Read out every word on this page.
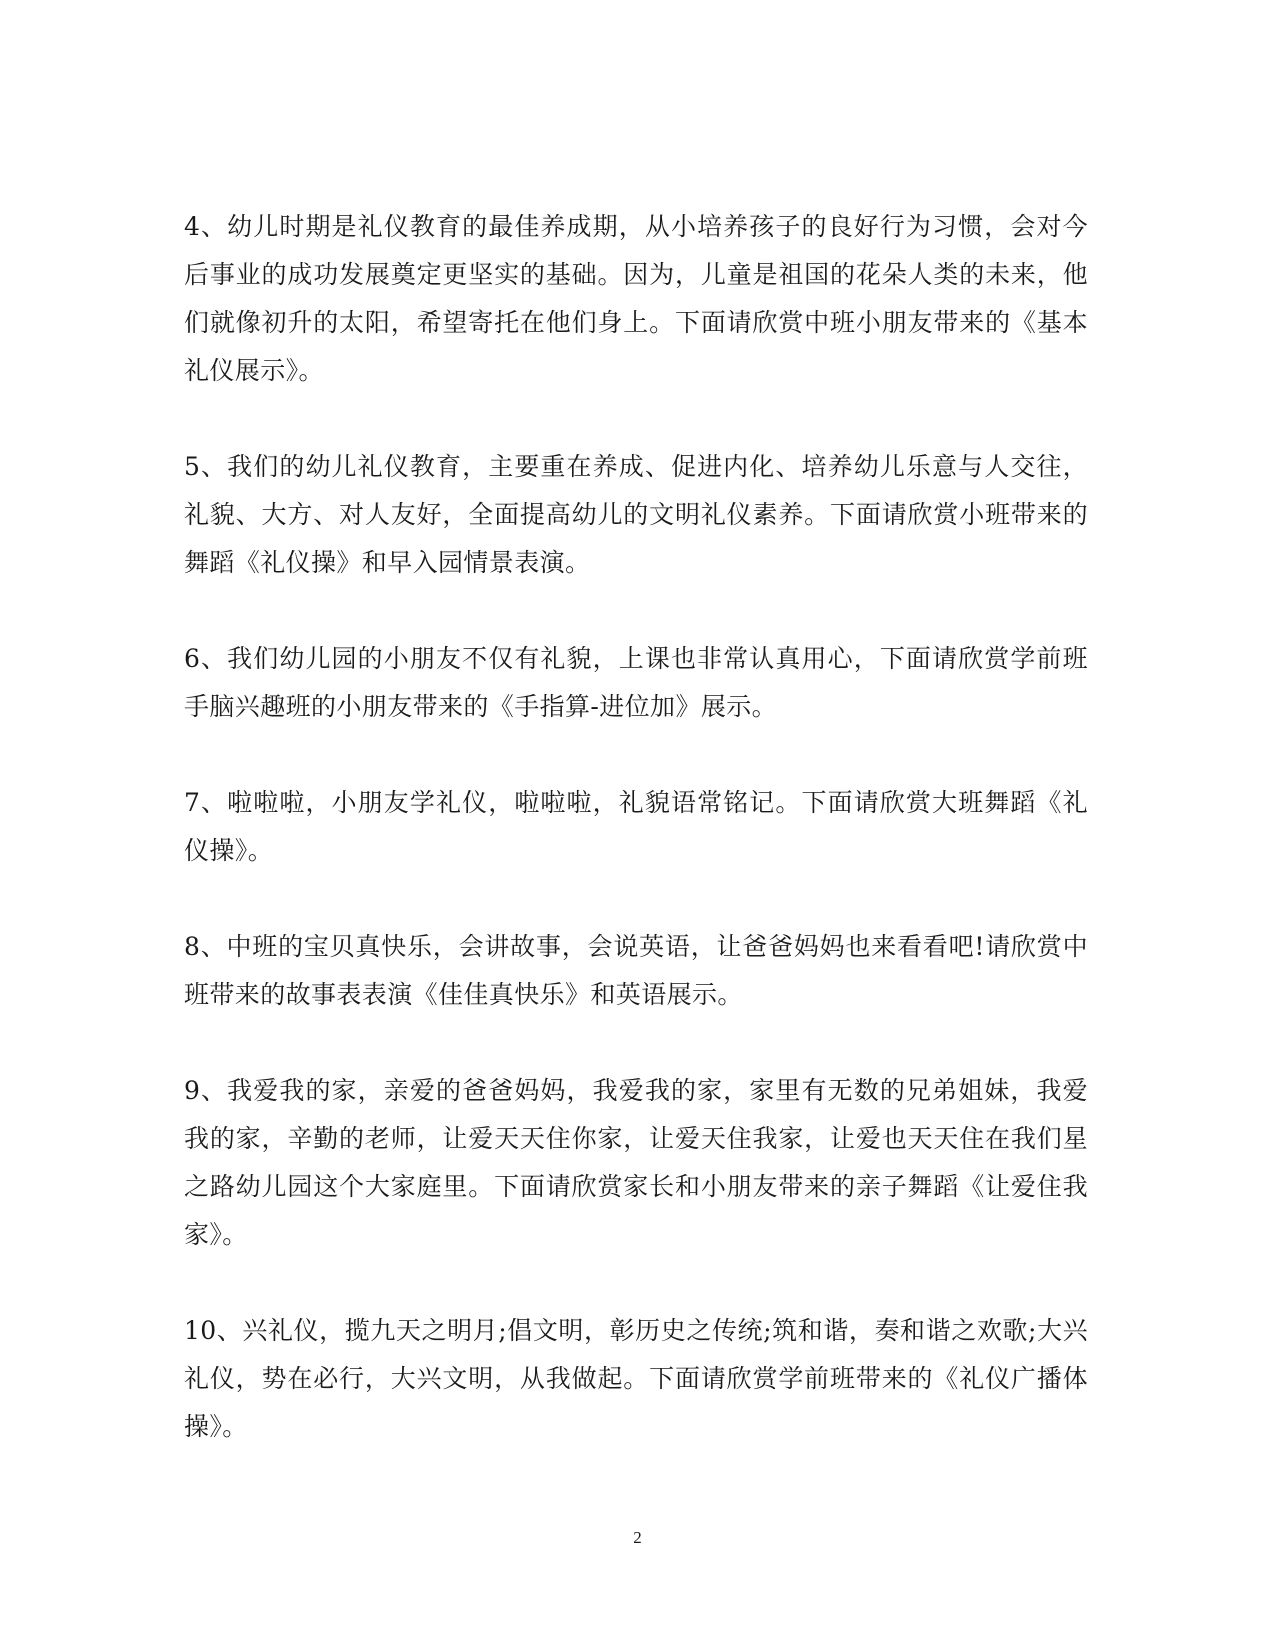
4、幼儿时期是礼仪教育的最佳养成期，从小培养孩子的良好行为习惯，会对今后事业的成功发展奠定更坚实的基础。因为，儿童是祖国的花朵人类的未来，他们就像初升的太阳，希望寄托在他们身上。下面请欣赏中班小朋友带来的《基本礼仪展示》。

5、我们的幼儿礼仪教育，主要重在养成、促进内化、培养幼儿乐意与人交往，礼貌、大方、对人友好，全面提高幼儿的文明礼仪素养。下面请欣赏小班带来的舞蹈《礼仪操》和早入园情景表演。

6、我们幼儿园的小朋友不仅有礼貌，上课也非常认真用心，下面请欣赏学前班手脑兴趣班的小朋友带来的《手指算-进位加》展示。

7、啦啦啦，小朋友学礼仪，啦啦啦，礼貌语常铭记。下面请欣赏大班舞蹈《礼仪操》。

8、中班的宝贝真快乐，会讲故事，会说英语，让爸爸妈妈也来看看吧!请欣赏中班带来的故事表表演《佳佳真快乐》和英语展示。

9、我爱我的家，亲爱的爸爸妈妈，我爱我的家，家里有无数的兄弟姐妹，我爱我的家，辛勤的老师，让爱天天住你家，让爱天住我家，让爱也天天住在我们星之路幼儿园这个大家庭里。下面请欣赏家长和小朋友带来的亲子舞蹈《让爱住我家》。

10、兴礼仪，揽九天之明月;倡文明，彰历史之传统;筑和谐，奏和谐之欢歌;大兴礼仪，势在必行，大兴文明，从我做起。下面请欣赏学前班带来的《礼仪广播体操》。

2
